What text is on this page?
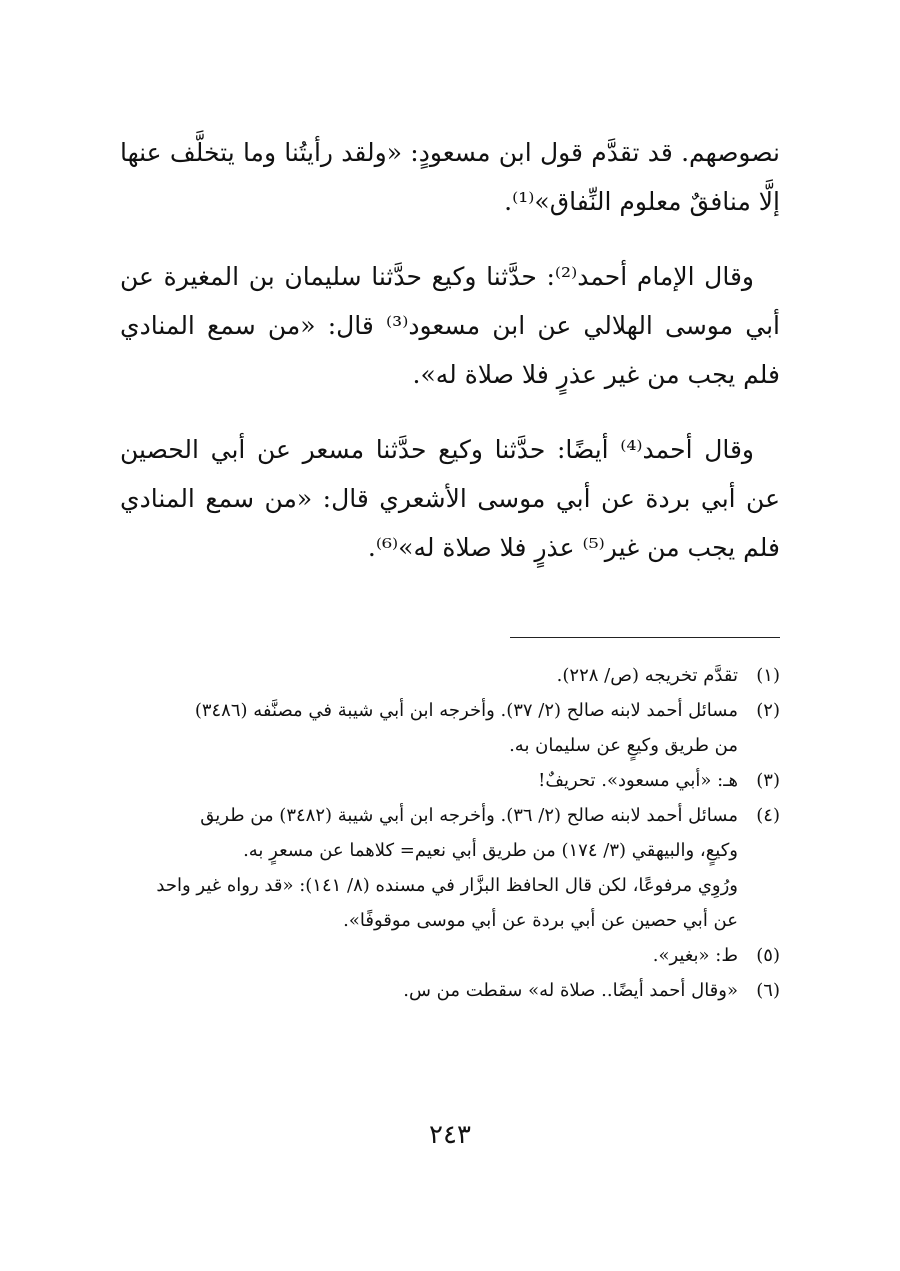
نصوصهم. قد تقدَّم قول ابن مسعودٍ: «ولقد رأيتُنا وما يتخلَّف عنها إلَّا منافقٌ معلوم النِّفاق»⁽¹⁾.

وقال الإمام أحمد⁽²⁾: حدَّثنا وكيع حدَّثنا سليمان بن المغيرة عن أبي موسى الهلالي عن ابن مسعود⁽³⁾ قال: «من سمع المنادي فلم يجب من غير عذرٍ فلا صلاة له».

وقال أحمد⁽⁴⁾ أيضًا: حدَّثنا وكيع حدَّثنا مسعر عن أبي الحصين عن أبي بردة عن أبي موسى الأشعري قال: «من سمع المنادي فلم يجب من غير⁽⁵⁾ عذرٍ فلا صلاة له»⁽⁶⁾.

(١)
تقدَّم تخريجه (ص/ ٢٢٨).
(٢)
مسائل أحمد لابنه صالح (٢/ ٣٧). وأخرجه ابن أبي شيبة في مصنَّفه (٣٤٨٦)
من طريق وكيعٍ عن سليمان به.
(٣)
هـ: «أبي مسعود». تحريفٌ!
(٤)
مسائل أحمد لابنه صالح (٢/ ٣٦). وأخرجه ابن أبي شيبة (٣٤٨٢) من طريق
وكيعٍ، والبيهقي (٣/ ١٧٤) من طريق أبي نعيم= كلاهما عن مسعرٍ به.
ورُوِي مرفوعًا، لكن قال الحافظ البزَّار في مسنده (٨/ ١٤١): «قد رواه غير واحد
عن أبي حصين عن أبي بردة عن أبي موسى موقوفًا».
(٥)
ط: «بغير».
(٦)
«وقال أحمد أيضًا.. صلاة له» سقطت من س.
٢٤٣
